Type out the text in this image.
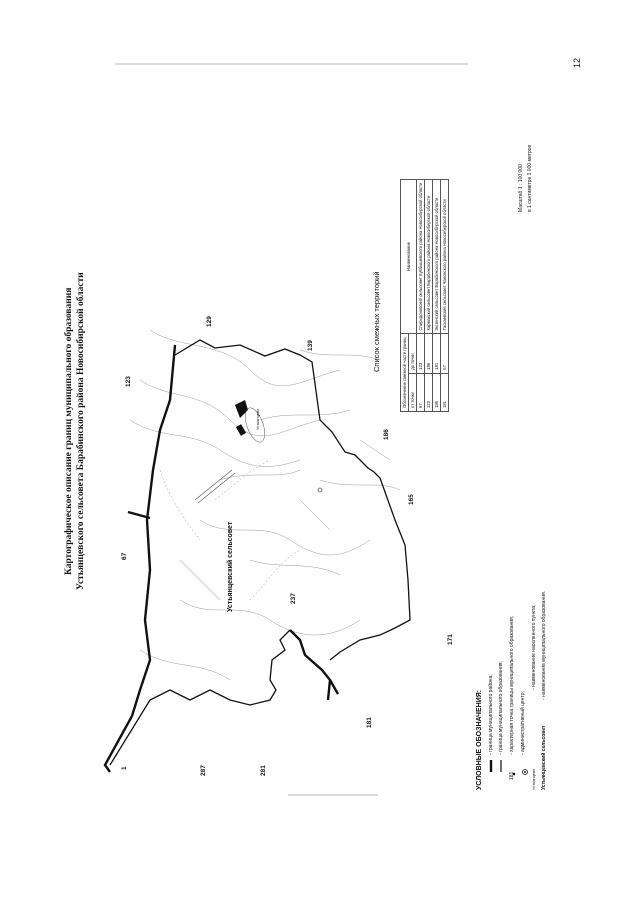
12
Картографическое описание границ муниципального образования Устьянцевского сельсовета Барабинского района Новосибирской области	Устьянцевский сельсовет
Устьянцево
1
67
123
129
139
186
165
237
171
181
281
287
Список смежных территорий
Обозначение смежной части границ		Наименование
от точки	до точки	
67	123	Спиридоновский сельсовет Куйбышевского района Новосибирской области
123	186	Кармакский сельсовет Барабинского района Новосибирской области
186	181	Зюзинский сельсовет Барабинского района Новосибирской области
181	67	Таскаевский сельсовет Чановского района Новосибирской области
Масштаб 1 : 100 000 в 1 сантиметре 1 000 метров
УСЛОВНЫЕ ОБОЗНАЧЕНИЯ: - граница муниципального района; - граница муниципального образования;
181
- характерная точка границы муниципального образования; - административный центр;
Устьянцево
- наименование населенного пункта;
Устьянцевский сельсовет
- наименование муниципального образования.
